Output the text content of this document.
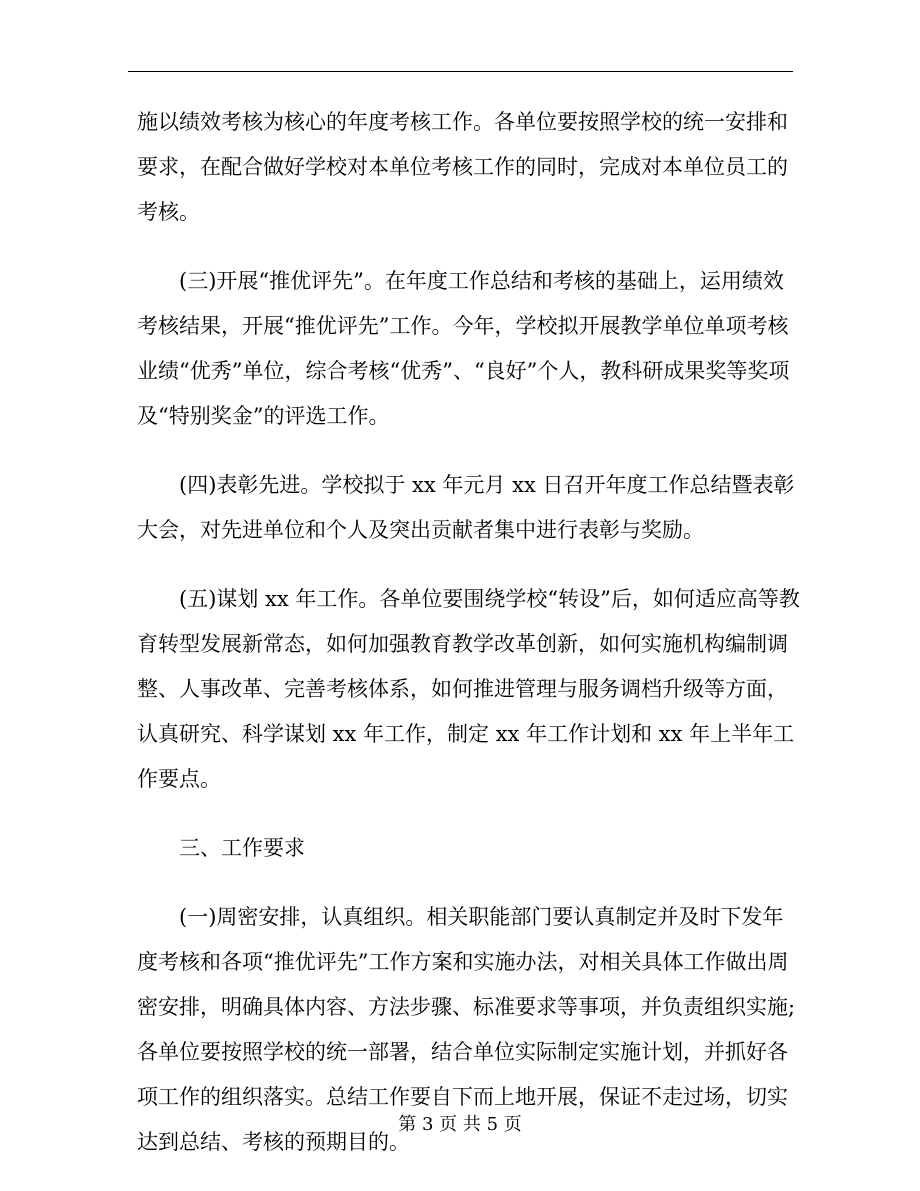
施以绩效考核为核心的年度考核工作。各单位要按照学校的统一安排和
要求，在配合做好学校对本单位考核工作的同时，完成对本单位员工的
考核。
(三)开展“推优评先”。在年度工作总结和考核的基础上，运用绩效
考核结果，开展“推优评先”工作。今年，学校拟开展教学单位单项考核
业绩“优秀”单位，综合考核“优秀”、“良好”个人，教科研成果奖等奖项
及“特别奖金”的评选工作。
(四)表彰先进。学校拟于 xx 年元月 xx 日召开年度工作总结暨表彰
大会，对先进单位和个人及突出贡献者集中进行表彰与奖励。
(五)谋划 xx 年工作。各单位要围绕学校“转设”后，如何适应高等教
育转型发展新常态，如何加强教育教学改革创新，如何实施机构编制调
整、人事改革、完善考核体系，如何推进管理与服务调档升级等方面，
认真研究、科学谋划 xx 年工作，制定 xx 年工作计划和 xx 年上半年工
作要点。
三、工作要求
(一)周密安排，认真组织。相关职能部门要认真制定并及时下发年
度考核和各项“推优评先”工作方案和实施办法，对相关具体工作做出周
密安排，明确具体内容、方法步骤、标准要求等事项，并负责组织实施;
各单位要按照学校的统一部署，结合单位实际制定实施计划，并抓好各
项工作的组织落实。总结工作要自下而上地开展，保证不走过场，切实
达到总结、考核的预期目的。
第 3 页 共 5 页
